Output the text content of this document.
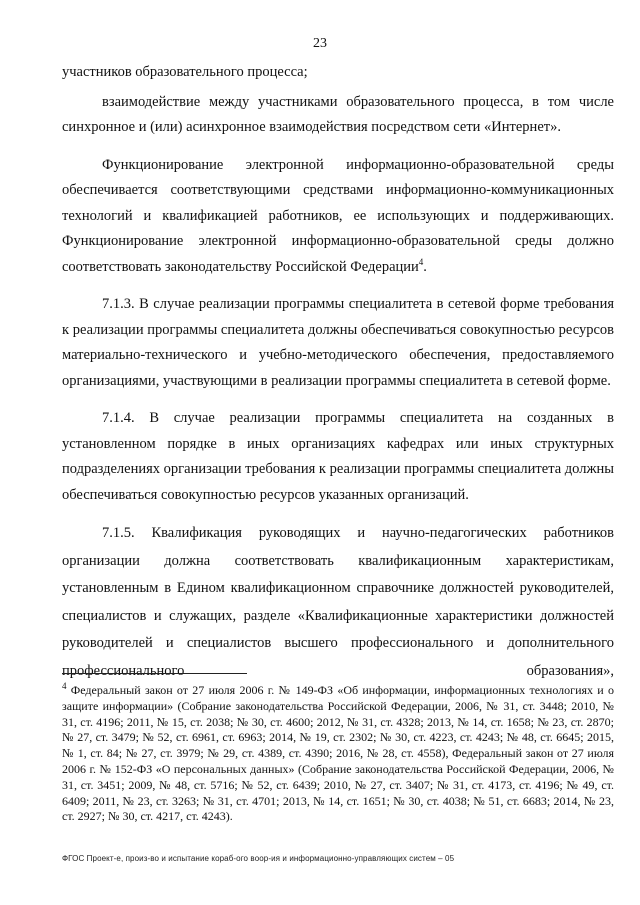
23

участников образовательного процесса;

взаимодействие между участниками образовательного процесса, в том числе синхронное и (или) асинхронное взаимодействия посредством сети «Интернет».

Функционирование электронной информационно-образовательной среды обеспечивается соответствующими средствами информационно-коммуникационных технологий и квалификацией работников, ее использующих и поддерживающих. Функционирование электронной информационно-образовательной среды должно соответствовать законодательству Российской Федерации$^4$.

7.1.3. В случае реализации программы специалитета в сетевой форме требования к реализации программы специалитета должны обеспечиваться совокупностью ресурсов материально-технического и учебно-методического обеспечения, предоставляемого организациями, участвующими в реализации программы специалитета в сетевой форме.

7.1.4. В случае реализации программы специалитета на созданных в установленном порядке в иных организациях кафедрах или иных структурных подразделениях организации требования к реализации программы специалитета должны обеспечиваться совокупностью ресурсов указанных организаций.

7.1.5. Квалификация руководящих и научно-педагогических работников организации должна соответствовать квалификационным характеристикам, установленным в Едином квалификационном справочнике должностей руководителей, специалистов и служащих, разделе «Квалификационные характеристики должностей руководителей и специалистов высшего профессионального и дополнительного профессионального образования»,

$^4$ Федеральный закон от 27 июля 2006 г. № 149-ФЗ «Об информации, информационных технологиях и о защите информации» (Собрание законодательства Российской Федерации, 2006, № 31, ст. 3448; 2010, № 31, ст. 4196; 2011, № 15, ст. 2038; № 30, ст. 4600; 2012, № 31, ст. 4328; 2013, № 14, ст. 1658; № 23, ст. 2870; № 27, ст. 3479; № 52, ст. 6961, ст. 6963; 2014, № 19, ст. 2302; № 30, ст. 4223, ст. 4243; № 48, ст. 6645; 2015, № 1, ст. 84; № 27, ст. 3979; № 29, ст. 4389, ст. 4390; 2016, № 28, ст. 4558), Федеральный закон от 27 июля 2006 г. № 152-ФЗ «О персональных данных» (Собрание законодательства Российской Федерации, 2006, № 31, ст. 3451; 2009, № 48, ст. 5716; № 52, ст. 6439; 2010, № 27, ст. 3407; № 31, ст. 4173, ст. 4196; № 49, ст. 6409; 2011, № 23, ст. 3263; № 31, ст. 4701; 2013, № 14, ст. 1651; № 30, ст. 4038; № 51, ст. 6683; 2014, № 23, ст. 2927; № 30, ст. 4217, ст. 4243).

ФГОС Проект-е, произ-во и испытание кораб-ого воор-ия и информационно-управляющих систем – 05
